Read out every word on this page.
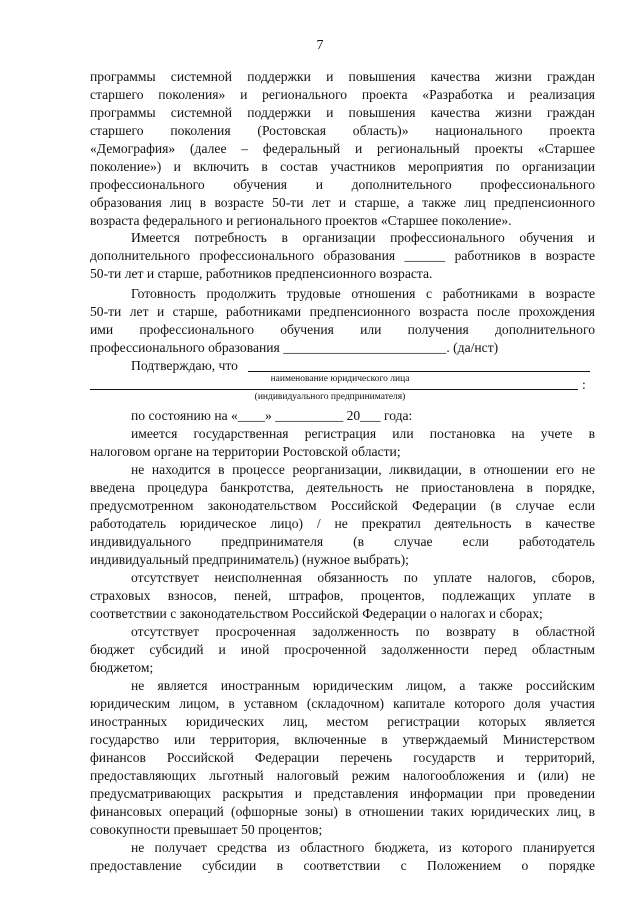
7
программы системной поддержки и повышения качества жизни граждан
старшего поколения» и регионального проекта «Разработка и реализация
программы системной поддержки и повышения качества жизни граждан
старшего поколения (Ростовская область)» национального проекта
«Демография» (далее – федеральный и региональный проекты «Старшее
поколение») и включить в состав участников мероприятия по организации
профессионального обучения и дополнительного профессионального
образования лиц в возрасте 50-ти лет и старше, а также лиц предпенсионного
возраста федерального и регионального проектов «Старшее поколение».
Имеется потребность в организации профессионального обучения и
дополнительного профессионального образования ______ работников в возрасте
50-ти лет и старше, работников предпенсионного возраста.
Готовность продолжить трудовые отношения с работниками в возрасте
50-ти лет и старше, работниками предпенсионного возраста после прохождения
ими профессионального обучения или получения дополнительного
профессионального образования ________________________. (да/нст)
Подтверждаю, что
наименование юридического лица	:
(индивидуального предпринимателя)
по состоянию на «____» __________ 20___ года:
имеется государственная регистрация или постановка на учете в
налоговом органе на территории Ростовской области;
не находится в процессе реорганизации, ликвидации, в отношении его не
введена процедура банкротства, деятельность не приостановлена в порядке,
предусмотренном законодательством Российской Федерации (в случае если
работодатель юридическое лицо) / не прекратил деятельность в качестве
индивидуального предпринимателя (в случае если работодатель
индивидуальный предприниматель) (нужное выбрать);
отсутствует неисполненная обязанность по уплате налогов, сборов,
страховых взносов, пеней, штрафов, процентов, подлежащих уплате в
соответствии с законодательством Российской Федерации о налогах и сборах;
отсутствует просроченная задолженность по возврату в областной
бюджет субсидий и иной просроченной задолженности перед областным
бюджетом;
не является иностранным юридическим лицом, а также российским
юридическим лицом, в уставном (складочном) капитале которого доля участия
иностранных юридических лиц, местом регистрации которых является
государство или территория, включенные в утверждаемый Министерством
финансов Российской Федерации перечень государств и территорий,
предоставляющих льготный налоговый режим налогообложения и (или) не
предусматривающих раскрытия и представления информации при проведении
финансовых операций (офшорные зоны) в отношении таких юридических лиц, в
совокупности превышает 50 процентов;
не получает средства из областного бюджета, из которого планируется
предоставление субсидии в соответствии с Положением о порядке
